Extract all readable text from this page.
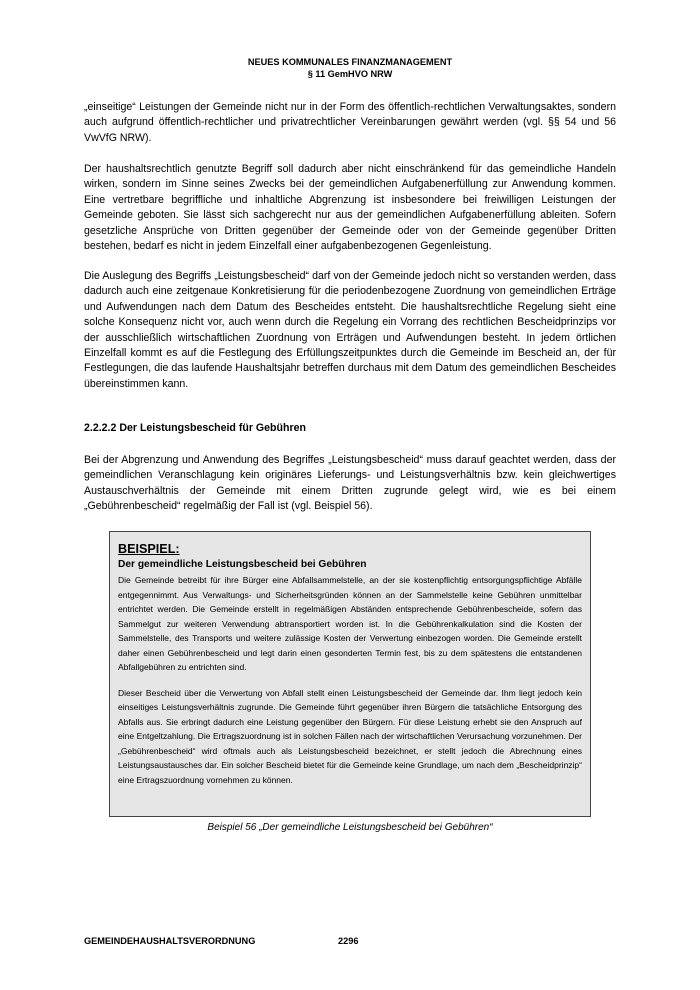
NEUES KOMMUNALES FINANZMANAGEMENT
§ 11 GemHVO NRW

„einseitige“ Leistungen der Gemeinde nicht nur in der Form des öffentlich-rechtlichen Verwaltungsaktes, sondern auch aufgrund öffentlich-rechtlicher und privatrechtlicher Vereinbarungen gewährt werden (vgl. §§ 54 und 56 VwVfG NRW).

Der haushaltsrechtlich genutzte Begriff soll dadurch aber nicht einschränkend für das gemeindliche Handeln wirken, sondern im Sinne seines Zwecks bei der gemeindlichen Aufgabenerfüllung zur Anwendung kommen. Eine vertretbare begriffliche und inhaltliche Abgrenzung ist insbesondere bei freiwilligen Leistungen der Gemeinde geboten. Sie lässt sich sachgerecht nur aus der gemeindlichen Aufgabenerfüllung ableiten. Sofern gesetzliche Ansprüche von Dritten gegenüber der Gemeinde oder von der Gemeinde gegenüber Dritten bestehen, bedarf es nicht in jedem Einzelfall einer aufgabenbezogenen Gegenleistung.

Die Auslegung des Begriffs „Leistungsbescheid“ darf von der Gemeinde jedoch nicht so verstanden werden, dass dadurch auch eine zeitgenaue Konkretisierung für die periodenbezogene Zuordnung von gemeindlichen Erträge und Aufwendungen nach dem Datum des Bescheides entsteht. Die haushaltsrechtliche Regelung sieht eine solche Konsequenz nicht vor, auch wenn durch die Regelung ein Vorrang des rechtlichen Bescheidprinzips vor der ausschließlich wirtschaftlichen Zuordnung von Erträgen und Aufwendungen besteht. In jedem örtlichen Einzelfall kommt es auf die Festlegung des Erfüllungszeitpunktes durch die Gemeinde im Bescheid an, der für Festlegungen, die das laufende Haushaltsjahr betreffen durchaus mit dem Datum des gemeindlichen Bescheides übereinstimmen kann.

2.2.2.2 Der Leistungsbescheid für Gebühren

Bei der Abgrenzung und Anwendung des Begriffes „Leistungsbescheid“ muss darauf geachtet werden, dass der gemeindlichen Veranschlagung kein originäres Lieferungs- und Leistungsverhältnis bzw. kein gleichwertiges Austauschverhältnis der Gemeinde mit einem Dritten zugrunde gelegt wird, wie es bei einem „Gebührenbescheid“ regelmäßig der Fall ist (vgl. Beispiel 56).

BEISPIEL:

Der gemeindliche Leistungsbescheid bei Gebühren

Die Gemeinde betreibt für ihre Bürger eine Abfallsammelstelle, an der sie kostenpflichtig entsorgungspflichtige Abfälle entgegennimmt. Aus Verwaltungs- und Sicherheitsgründen können an der Sammelstelle keine Gebühren unmittelbar entrichtet werden. Die Gemeinde erstellt in regelmäßigen Abständen entsprechende Gebührenbescheide, sofern das Sammelgut zur weiteren Verwendung abtransportiert worden ist. In die Gebührenkalkulation sind die Kosten der Sammelstelle, des Transports und weitere zulässige Kosten der Verwertung einbezogen worden. Die Gemeinde erstellt daher einen Gebührenbescheid und legt darin einen gesonderten Termin fest, bis zu dem spätestens die entstandenen Abfallgebühren zu entrichten sind.

Dieser Bescheid über die Verwertung von Abfall stellt einen Leistungsbescheid der Gemeinde dar. Ihm liegt jedoch kein einseitiges Leistungsverhältnis zugrunde. Die Gemeinde führt gegenüber ihren Bürgern die tatsächliche Entsorgung des Abfalls aus. Sie erbringt dadurch eine Leistung gegenüber den Bürgern. Für diese Leistung erhebt sie den Anspruch auf eine Entgeltzahlung. Die Ertragszuordnung ist in solchen Fällen nach der wirtschaftlichen Verursachung vorzunehmen. Der „Gebührenbescheid“ wird oftmals auch als Leistungsbescheid bezeichnet, er stellt jedoch die Abrechnung eines Leistungsaustausches dar. Ein solcher Bescheid bietet für die Gemeinde keine Grundlage, um nach dem „Bescheidprinzip“ eine Ertragszuordnung vornehmen zu können.

Beispiel 56 „Der gemeindliche Leistungsbescheid bei Gebühren“

GEMEINDEHAUSHALTSVERORDNUNG	2296
